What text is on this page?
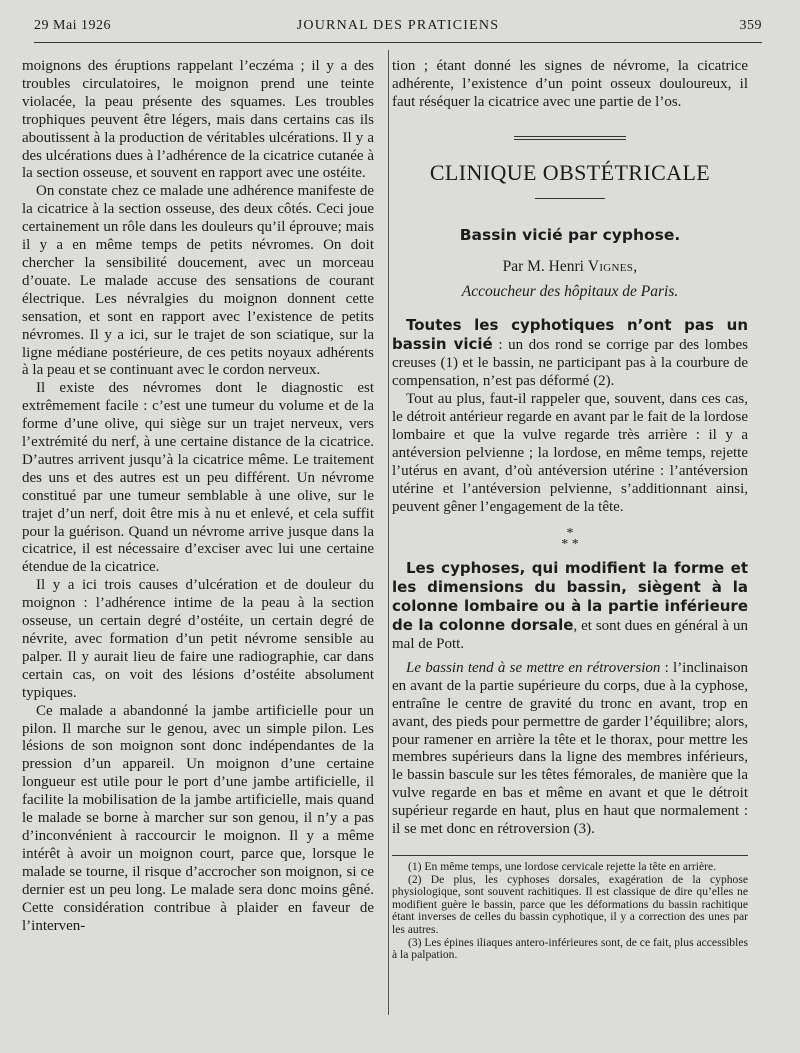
29 Mai 1926	JOURNAL DES PRATICIENS	359

moignons des éruptions rappelant l’eczéma ; il y a des troubles circulatoires, le moignon prend une teinte violacée, la peau présente des squames. Les troubles trophiques peuvent être légers, mais dans certains cas ils aboutissent à la production de véritables ulcérations. Il y a des ulcérations dues à l’adhérence de la cicatrice cutanée à la section osseuse, et souvent en rapport avec une ostéite.

On constate chez ce malade une adhérence manifeste de la cicatrice à la section osseuse, des deux côtés. Ceci joue certainement un rôle dans les douleurs qu’il éprouve; mais il y a en même temps de petits névromes. On doit chercher la sensibilité doucement, avec un morceau d’ouate. Le malade accuse des sensations de courant électrique. Les névralgies du moignon donnent cette sensation, et sont en rapport avec l’existence de petits névromes. Il y a ici, sur le trajet de son sciatique, sur la ligne médiane postérieure, de ces petits noyaux adhérents à la peau et se continuant avec le cordon nerveux.

Il existe des névromes dont le diagnostic est extrêmement facile : c’est une tumeur du volume et de la forme d’une olive, qui siège sur un trajet nerveux, vers l’extrémité du nerf, à une certaine distance de la cicatrice. D’autres arrivent jusqu’à la cicatrice même. Le traitement des uns et des autres est un peu différent. Un névrome constitué par une tumeur semblable à une olive, sur le trajet d’un nerf, doit être mis à nu et enlevé, et cela suffit pour la guérison. Quand un névrome arrive jusque dans la cicatrice, il est nécessaire d’exciser avec lui une certaine étendue de la cicatrice.

Il y a ici trois causes d’ulcération et de douleur du moignon : l’adhérence intime de la peau à la section osseuse, un certain degré d’ostéite, un certain degré de névrite, avec formation d’un petit névrome sensible au palper. Il y aurait lieu de faire une radiographie, car dans certain cas, on voit des lésions d’ostéite absolument typiques.

Ce malade a abandonné la jambe artificielle pour un pilon. Il marche sur le genou, avec un simple pilon. Les lésions de son moignon sont donc indépendantes de la pression d’un appareil. Un moignon d’une certaine longueur est utile pour le port d’une jambe artificielle, il facilite la mobilisation de la jambe artificielle, mais quand le malade se borne à marcher sur son genou, il n’y a pas d’inconvénient à raccourcir le moignon. Il y a même intérêt à avoir un moignon court, parce que, lorsque le malade se tourne, il risque d’accrocher son moignon, si ce dernier est un peu long. Le malade sera donc moins gêné. Cette considération contribue à plaider en faveur de l’interven-

tion ; étant donné les signes de névrome, la cicatrice adhérente, l’existence d’un point osseux douloureux, il faut réséquer la cicatrice avec une partie de l’os.

CLINIQUE OBSTÉTRICALE
Bassin vicié par cyphose.
Par M. Henri Vignes,
Accoucheur des hôpitaux de Paris.

Toutes les cyphotiques n’ont pas un bassin vicié : un dos rond se corrige par des lombes creuses (1) et le bassin, ne participant pas à la courbure de compensation, n’est pas déformé (2).

Tout au plus, faut-il rappeler que, souvent, dans ces cas, le détroit antérieur regarde en avant par le fait de la lordose lombaire et que la vulve regarde très arrière : il y a antéversion pelvienne ; la lordose, en même temps, rejette l’utérus en avant, d’où antéversion utérine : l’antéversion utérine et l’antéversion pelvienne, s’additionnant ainsi, peuvent gêner l’engagement de la tête.

*
* *

Les cyphoses, qui modifient la forme et les dimensions du bassin, siègent à la colonne lombaire ou à la partie inférieure de la colonne dorsale, et sont dues en général à un mal de Pott.

Le bassin tend à se mettre en rétroversion : l’inclinaison en avant de la partie supérieure du corps, due à la cyphose, entraîne le centre de gravité du tronc en avant, trop en avant, des pieds pour permettre de garder l’équilibre; alors, pour ramener en arrière la tête et le thorax, pour mettre les membres supérieurs dans la ligne des membres inférieurs, le bassin bascule sur les têtes fémorales, de manière que la vulve regarde en bas et même en avant et que le détroit supérieur regarde en haut, plus en haut que normalement : il se met donc en rétroversion (3).

(1) En même temps, une lordose cervicale rejette la tête en arrière.

(2) De plus, les cyphoses dorsales, exagération de la cyphose physiologique, sont souvent rachitiques. Il est classique de dire qu’elles ne modifient guère le bassin, parce que les déformations du bassin rachitique étant inverses de celles du bassin cyphotique, il y a correction des unes par les autres.

(3) Les épines iliaques antero-inférieures sont, de ce fait, plus accessibles à la palpation.
